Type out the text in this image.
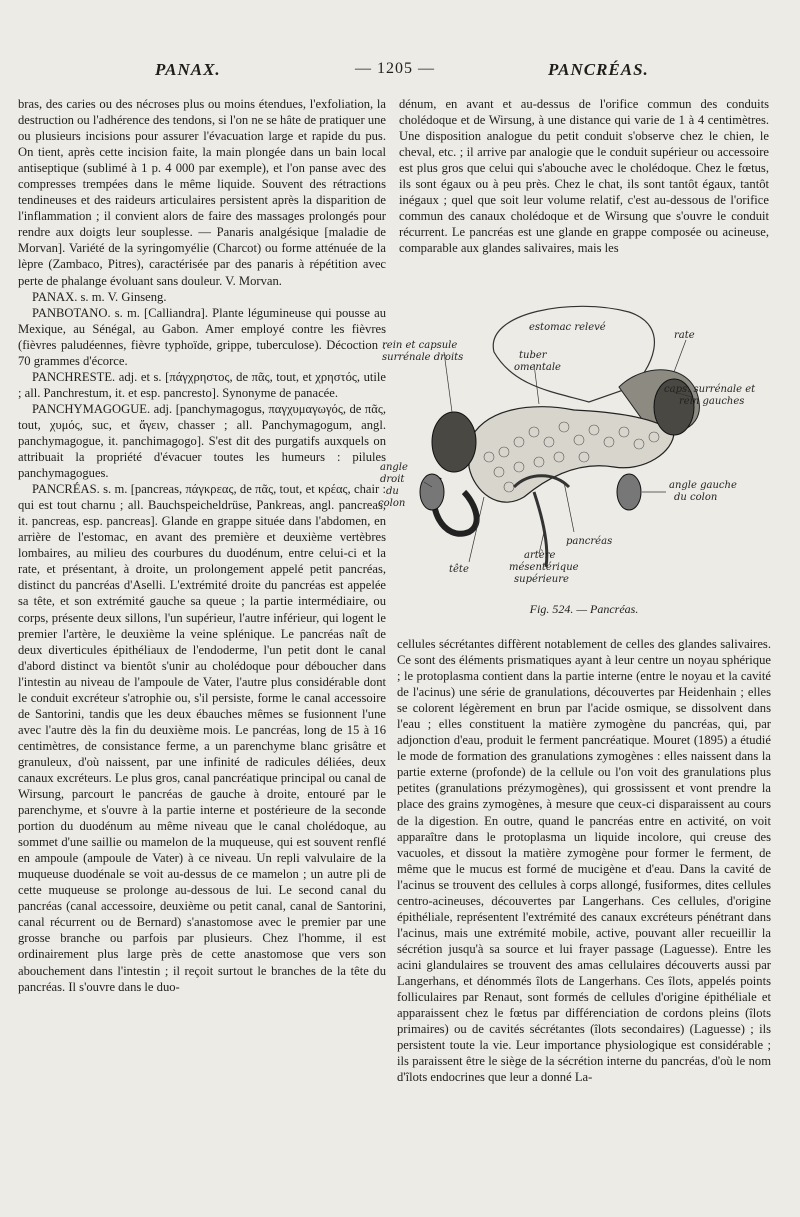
PANAX.	— 1205 —	PANCRÉAS.

bras, des caries ou des nécroses plus ou moins étendues, l'exfoliation, la destruction ou l'adhérence des tendons, si l'on ne se hâte de pratiquer une ou plusieurs incisions pour assurer l'évacuation large et rapide du pus. On tient, après cette incision faite, la main plongée dans un bain local antiseptique (sublimé à 1 p. 4 000 par exemple), et l'on panse avec des compresses trempées dans le même liquide. Souvent des rétractions tendineuses et des raideurs articulaires persistent après la disparition de l'inflammation ; il convient alors de faire des massages prolongés pour rendre aux doigts leur souplesse. — Panaris analgésique [maladie de Morvan]. Variété de la syringomyélie (Charcot) ou forme atténuée de la lèpre (Zambaco, Pitres), caractérisée par des panaris à répétition avec perte de phalange évoluant sans douleur. V. Morvan.

PANAX. s. m. V. Ginseng.

PANBOTANO. s. m. [Calliandra]. Plante légumineuse qui pousse au Mexique, au Sénégal, au Gabon. Amer employé contre les fièvres (fièvres paludéennes, fièvre typhoïde, grippe, tuberculose). Décoction : 70 grammes d'écorce.

PANCHRESTE. adj. et s. [πάγχρηστος, de πᾶς, tout, et χρηστός, utile ; all. Panchrestum, it. et esp. pancresto]. Synonyme de panacée.

PANCHYMAGOGUE. adj. [panchymagogus, παγχυμαγωγός, de πᾶς, tout, χυμός, suc, et ἄγειν, chasser ; all. Panchymagogum, angl. panchymagogue, it. panchimagogo]. S'est dit des purgatifs auxquels on attribuait la propriété d'évacuer toutes les humeurs : pilules panchymagogues.

PANCRÉAS. s. m. [pancreas, πάγκρεας, de πᾶς, tout, et κρέας, chair : qui est tout charnu ; all. Bauchspeicheldrüse, Pankreas, angl. pancreas, it. pancreas, esp. pancreas]. Glande en grappe située dans l'abdomen, en arrière de l'estomac, en avant des première et deuxième vertèbres lombaires, au milieu des courbures du duodénum, entre celui-ci et la rate, et présentant, à droite, un prolongement appelé petit pancréas, distinct du pancréas d'Aselli. L'extrémité droite du pancréas est appelée sa tête, et son extrémité gauche sa queue ; la partie intermédiaire, ou corps, présente deux sillons, l'un supérieur, l'autre inférieur, qui logent le premier l'artère, le deuxième la veine splénique. Le pancréas naît de deux diverticules épithéliaux de l'endoderme, l'un petit dont le canal d'abord distinct va bientôt s'unir au cholédoque pour déboucher dans l'intestin au niveau de l'ampoule de Vater, l'autre plus considérable dont le conduit excréteur s'atrophie ou, s'il persiste, forme le canal accessoire de Santorini, tandis que les deux ébauches mêmes se fusionnent l'une avec l'autre dès la fin du deuxième mois. Le pancréas, long de 15 à 16 centimètres, de consistance ferme, a un parenchyme blanc grisâtre et granuleux, d'où naissent, par une infinité de radicules déliées, deux canaux excréteurs. Le plus gros, canal pancréatique principal ou canal de Wirsung, parcourt le pancréas de gauche à droite, entouré par le parenchyme, et s'ouvre à la partie interne et postérieure de la seconde portion du duodénum au même niveau que le canal cholédoque, au sommet d'une saillie ou mamelon de la muqueuse, qui est souvent renflé en ampoule (ampoule de Vater) à ce niveau. Un repli valvulaire de la muqueuse duodénale se voit au-dessus de ce mamelon ; un autre pli de cette muqueuse se prolonge au-dessous de lui. Le second canal du pancréas (canal accessoire, deuxième ou petit canal, canal de Santorini, canal récurrent ou de Bernard) s'anastomose avec le premier par une grosse branche ou parfois par plusieurs. Chez l'homme, il est ordinairement plus large près de cette anastomose que vers son abouchement dans l'intestin ; il reçoit surtout le branches de la tête du pancréas. Il s'ouvre dans le duo-

dénum, en avant et au-dessus de l'orifice commun des conduits cholédoque et de Wirsung, à une distance qui varie de 1 à 4 centimètres. Une disposition analogue du petit conduit s'observe chez le chien, le cheval, etc. ; il arrive par analogie que le conduit supérieur ou accessoire est plus gros que celui qui s'abouche avec le cholédoque. Chez le fœtus, ils sont égaux ou à peu près. Chez le chat, ils sont tantôt égaux, tantôt inégaux ; quel que soit leur volume relatif, c'est au-dessous de l'orifice commun des canaux cholédoque et de Wirsung que s'ouvre le conduit récurrent. Le pancréas est une glande en grappe composée ou acineuse, comparable aux glandes salivaires, mais les

estomac relevé
rein et capsule
surrénale droits	tuber
omentale
rate
caps. surrénale et
rein gauches
angle
droit
du
colon
angle gauche
du colon
pancréas
tête
artère
mésentérique
supérieure
Fig. 524. — Pancréas.

cellules sécrétantes diffèrent notablement de celles des glandes salivaires. Ce sont des éléments prismatiques ayant à leur centre un noyau sphérique ; le protoplasma contient dans la partie interne (entre le noyau et la cavité de l'acinus) une série de granulations, découvertes par Heidenhain ; elles se colorent légèrement en brun par l'acide osmique, se dissolvent dans l'eau ; elles constituent la matière zymogène du pancréas, qui, par adjonction d'eau, produit le ferment pancréatique. Mouret (1895) a étudié le mode de formation des granulations zymogènes : elles naissent dans la partie externe (profonde) de la cellule ou l'on voit des granulations plus petites (granulations prézymogènes), qui grossissent et vont prendre la place des grains zymogènes, à mesure que ceux-ci disparaissent au cours de la digestion. En outre, quand le pancréas entre en activité, on voit apparaître dans le protoplasma un liquide incolore, qui creuse des vacuoles, et dissout la matière zymogène pour former le ferment, de même que le mucus est formé de mucigène et d'eau. Dans la cavité de l'acinus se trouvent des cellules à corps allongé, fusiformes, dites cellules centro-acineuses, découvertes par Langerhans. Ces cellules, d'origine épithéliale, représentent l'extrémité des canaux excréteurs pénétrant dans l'acinus, mais une extrémité mobile, active, pouvant aller recueillir la sécrétion jusqu'à sa source et lui frayer passage (Laguesse). Entre les acini glandulaires se trouvent des amas cellulaires découverts aussi par Langerhans, et dénommés îlots de Langerhans. Ces îlots, appelés points folliculaires par Renaut, sont formés de cellules d'origine épithéliale et apparaissent chez le fœtus par différenciation de cordons pleins (îlots primaires) ou de cavités sécrétantes (îlots secondaires) (Laguesse) ; ils persistent toute la vie. Leur importance physiologique est considérable ; ils paraissent être le siège de la sécrétion interne du pancréas, d'où le nom d'îlots endocrines que leur a donné La-
